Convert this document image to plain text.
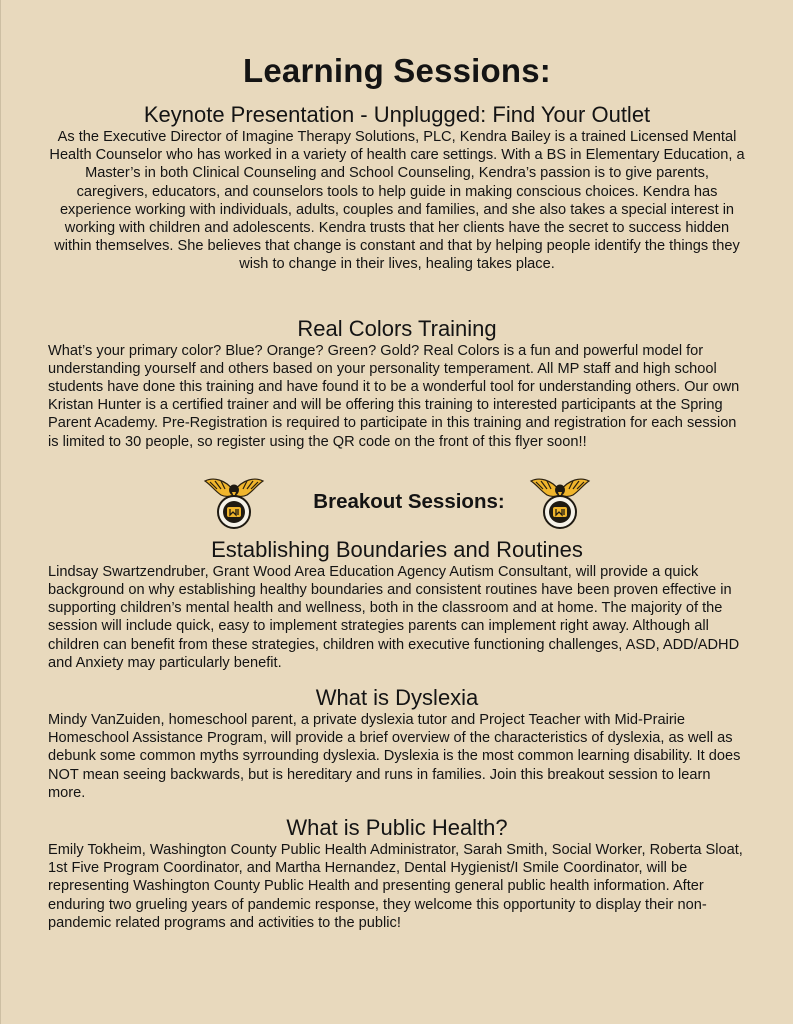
Learning Sessions:
Keynote Presentation - Unplugged: Find Your Outlet

As the Executive Director of Imagine Therapy Solutions, PLC, Kendra Bailey is a trained Licensed Mental Health Counselor who has worked in a variety of health care settings. With a BS in Elementary Education, a Master’s in both Clinical Counseling and School Counseling, Kendra’s passion is to give parents, caregivers, educators, and counselors tools to help guide in making conscious choices. Kendra has experience working with individuals, adults, couples and families, and she also takes a special interest in working with children and adolescents. Kendra trusts that her clients have the secret to success hidden within themselves. She believes that change is constant and that by helping people identify the things they wish to change in their lives, healing takes place.

Real Colors Training

What’s your primary color? Blue? Orange? Green? Gold? Real Colors is a fun and powerful model for understanding yourself and others based on your personality temperament. All MP staff and high school students have done this training and have found it to be a wonderful tool for understanding others. Our own Kristan Hunter is a certified trainer and will be offering this training to interested participants at the Spring Parent Academy. Pre-Registration is required to participate in this training and registration for each session is limited to 30 people, so register using the QR code on the front of this flyer soon!!

Breakout Sessions:
Establishing Boundaries and Routines

Lindsay Swartzendruber, Grant Wood Area Education Agency Autism Consultant, will provide a quick background on why establishing healthy boundaries and consistent routines have been proven effective in supporting children’s mental health and wellness, both in the classroom and at home. The majority of the session will include quick, easy to implement strategies parents can implement right away. Although all children can benefit from these strategies, children with executive functioning challenges, ASD, ADD/ADHD and Anxiety may particularly benefit.

What is Dyslexia

Mindy VanZuiden, homeschool parent, a private dyslexia tutor and Project Teacher with Mid-Prairie Homeschool Assistance Program, will provide a brief overview of the characteristics of dyslexia, as well as debunk some common myths syrrounding dyslexia. Dyslexia is the most common learning disability. It does NOT mean seeing backwards, but is hereditary and runs in families. Join this breakout session to learn more.

What is Public Health?

Emily Tokheim, Washington County Public Health Administrator, Sarah Smith, Social Worker, Roberta Sloat, 1st Five Program Coordinator, and Martha Hernandez, Dental Hygienist/I Smile Coordinator, will be representing Washington County Public Health and presenting general public health information. After enduring two grueling years of pandemic response, they welcome this opportunity to display their non-pandemic related programs and activities to the public!
